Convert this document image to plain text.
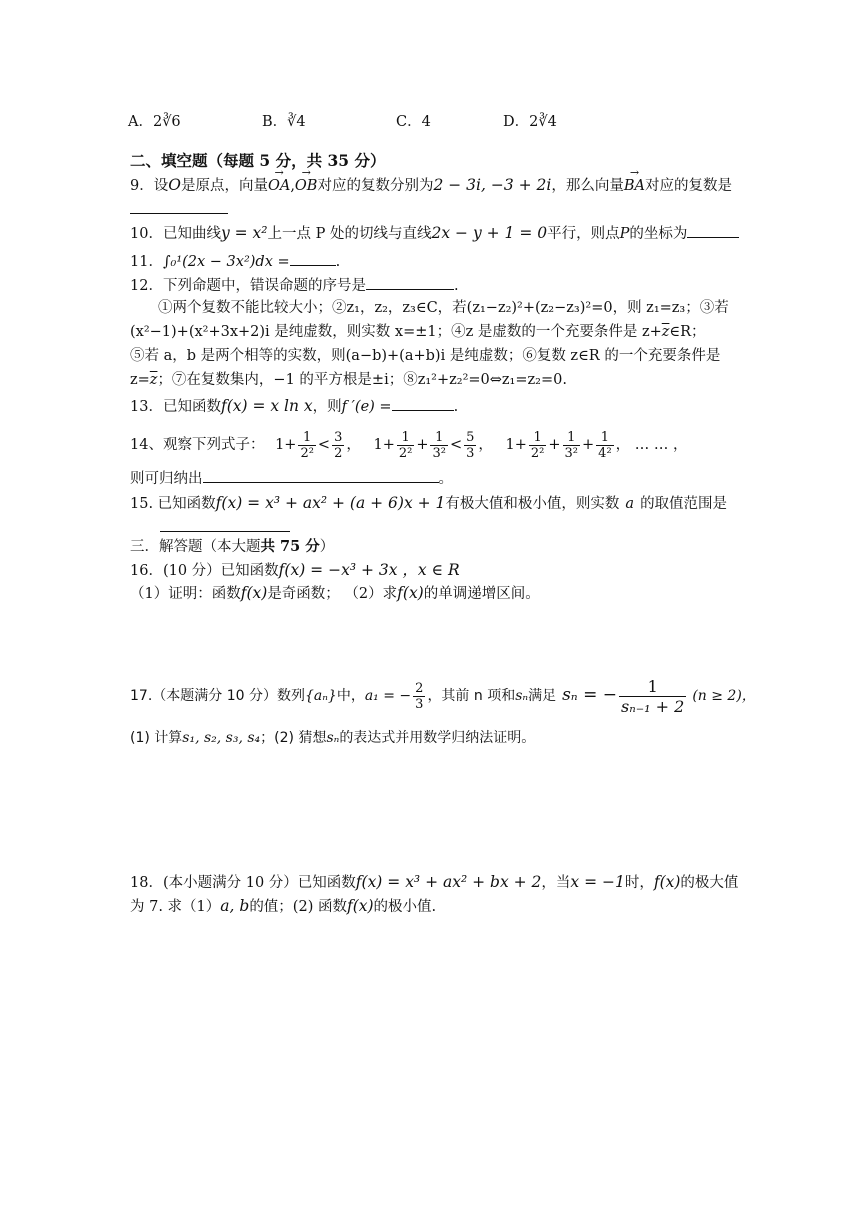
A．2∛6	B．∛4	C．4	D．2∛4
二、填空题（每题 5 分，共 35 分）
9．设O是原点，向量→ OA,→ OB对应的复数分别为2 − 3i, −3 + 2i，那么向量→ BA对应的复数是
10．已知曲线y = x²上一点 P 处的切线与直线2x − y + 1 = 0平行，则点P的坐标为
11．∫₀¹(2x − 3x²)dx =	.
12．下列命题中，错误命题的序号是	.
①两个复数不能比较大小；②z₁，z₂，z₃∈C，若(z₁−z₂)²+(z₂−z₃)²=0，则 z₁=z₃；③若
(x²−1)+(x²+3x+2)i 是纯虚数，则实数 x=±1；④z 是虚数的一个充要条件是 $z+\overline{z}\in R$；
⑤若 a，b 是两个相等的实数，则(a−b)+(a+b)i 是纯虚数；⑥复数 z∈R 的一个充要条件是
$z=\overline{z}$；⑦在复数集内，−1 的平方根是±i；⑧z₁²+z₂²=0⇔z₁=z₂=0.
13．已知函数f(x) = x ln x，则f ′(e) =	.
14、观察下列式子： $1+ \frac{1}{\text{2²}} < \frac{3}{2}$ ， $1+ \frac{1}{\text{2²}} + \frac{1}{\text{3²}} < \frac{5}{3}$ ， $1+ \frac{1}{\text{2²}} + \frac{1}{\text{3²}} + \frac{1}{\text{4²}}$ ， … … ，
则可归纳出	。
15. 已知函数f(x) = x³ + ax² + (a + 6)x + 1有极大值和极小值，则实数 a 的取值范围是
三．解答题（本大题共 75 分）
16．(10 分）已知函数f(x) = −x³ + 3x ，x ∈ R
（1）证明：函数f(x)是奇函数； （2）求f(x)的单调递增区间。
17.（本题满分 10 分）数列{aₙ}中，a₁ = − $\frac{2}{3}$ ，其前 n 项和sₙ满足 sₙ = − $\frac{1}{\text{sₙ₋₁ + 2}} (n \ge 2)$，
(1) 计算s₁, s₂, s₃, s₄；(2) 猜想sₙ的表达式并用数学归纳法证明。
18．(本小题满分 10 分）已知函数f(x) = x³ + ax² + bx + 2，当x = −1时，f(x)的极大值
为 7. 求（1）a, b的值；(2) 函数f(x)的极小值.
